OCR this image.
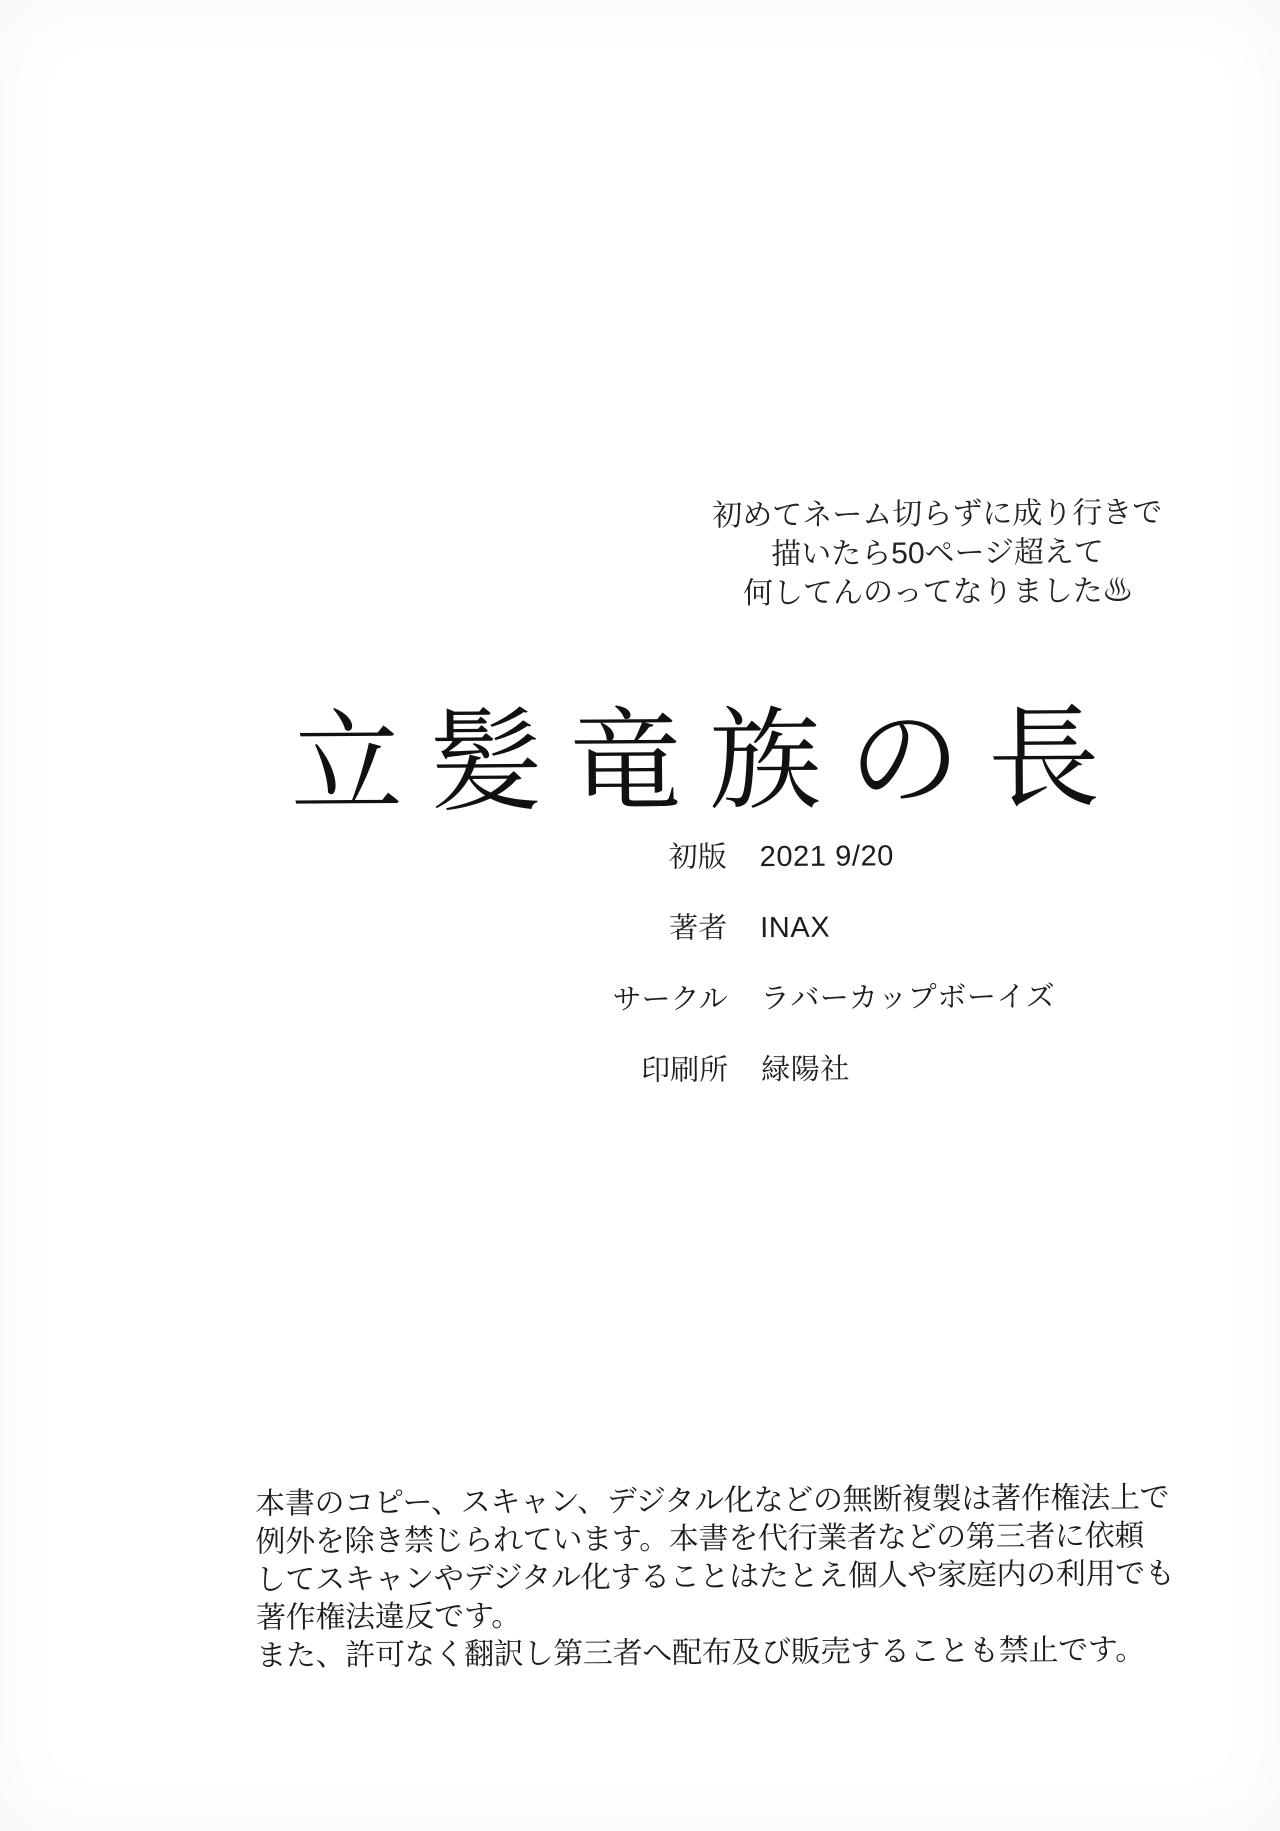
初めてネーム切らずに成り行きで
描いたら50ページ超えて
何してんのってなりました♨
立髪竜族の長
初版 2021 9/20
著者 INAX
サークル ラバーカップボーイズ
印刷所 緑陽社
本書のコピー、スキャン、デジタル化などの無断複製は著作権法上で
例外を除き禁じられています。本書を代行業者などの第三者に依頼
してスキャンやデジタル化することはたとえ個人や家庭内の利用でも
著作権法違反です。
また、許可なく翻訳し第三者へ配布及び販売することも禁止です。
